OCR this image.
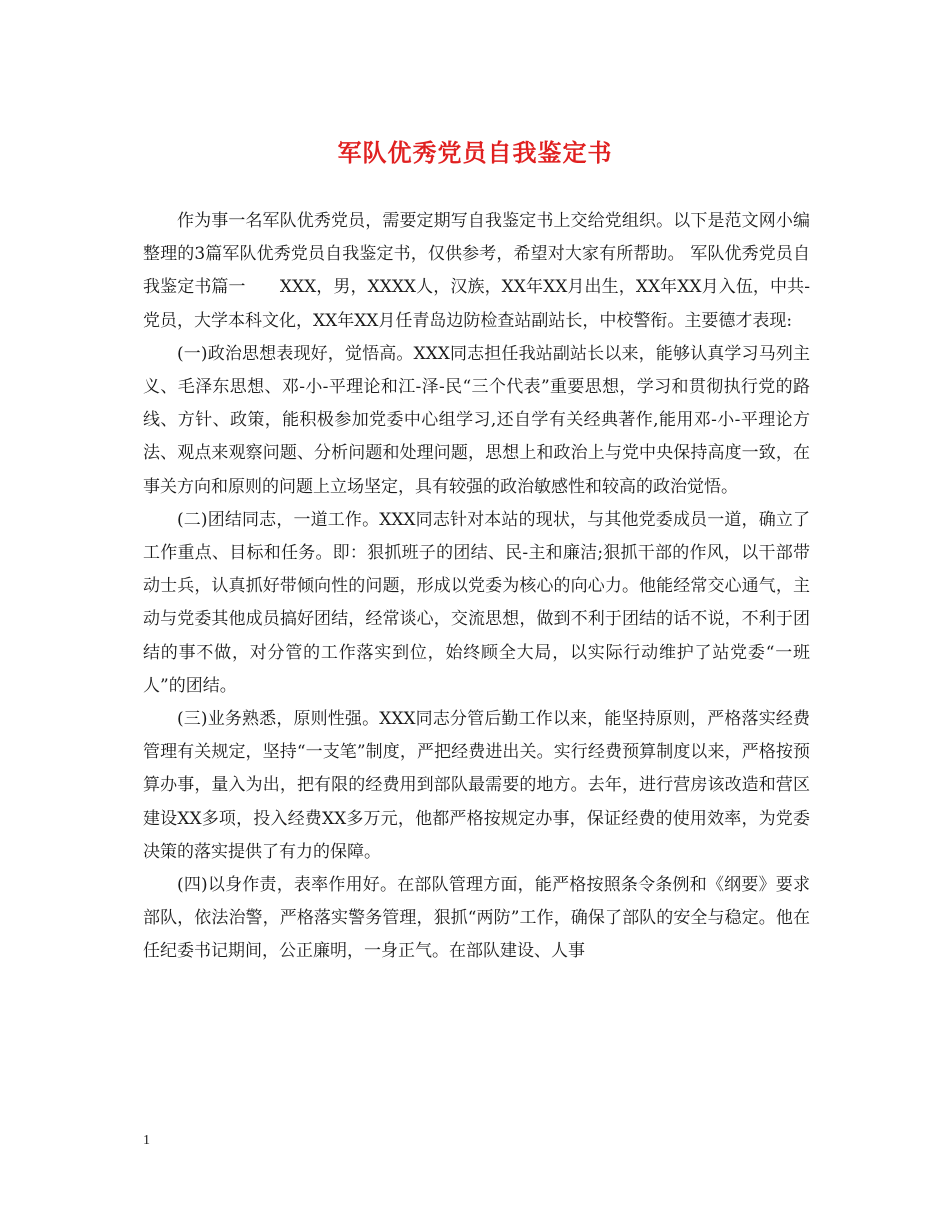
军队优秀党员自我鉴定书

作为事一名军队优秀党员，需要定期写自我鉴定书上交给党组织。以下是范文网小编整理的3篇军队优秀党员自我鉴定书，仅供参考，希望对大家有所帮助。 军队优秀党员自我鉴定书篇一　　XXX，男，XXXX人，汉族，XX年XX月出生，XX年XX月入伍，中共-党员，大学本科文化，XX年XX月任青岛边防检查站副站长，中校警衔。主要德才表现:

(一)政治思想表现好，觉悟高。XXX同志担任我站副站长以来，能够认真学习马列主义、毛泽东思想、邓-小-平理论和江-泽-民“三个代表”重要思想，学习和贯彻执行党的路线、方针、政策，能积极参加党委中心组学习,还自学有关经典著作,能用邓-小-平理论方法、观点来观察问题、分析问题和处理问题，思想上和政治上与党中央保持高度一致，在事关方向和原则的问题上立场坚定，具有较强的政治敏感性和较高的政治觉悟。

(二)团结同志，一道工作。XXX同志针对本站的现状，与其他党委成员一道，确立了工作重点、目标和任务。即：狠抓班子的团结、民-主和廉洁;狠抓干部的作风，以干部带动士兵，认真抓好带倾向性的问题，形成以党委为核心的向心力。他能经常交心通气，主动与党委其他成员搞好团结，经常谈心，交流思想，做到不利于团结的话不说，不利于团结的事不做，对分管的工作落实到位，始终顾全大局，以实际行动维护了站党委“一班人”的团结。

(三)业务熟悉，原则性强。XXX同志分管后勤工作以来，能坚持原则，严格落实经费管理有关规定，坚持“一支笔”制度，严把经费进出关。实行经费预算制度以来，严格按预算办事，量入为出，把有限的经费用到部队最需要的地方。去年，进行营房该改造和营区建设XX多项，投入经费XX多万元，他都严格按规定办事，保证经费的使用效率，为党委决策的落实提供了有力的保障。

(四)以身作责，表率作用好。在部队管理方面，能严格按照条令条例和《纲要》要求部队，依法治警，严格落实警务管理，狠抓“两防”工作，确保了部队的安全与稳定。他在任纪委书记期间，公正廉明，一身正气。在部队建设、人事

1
